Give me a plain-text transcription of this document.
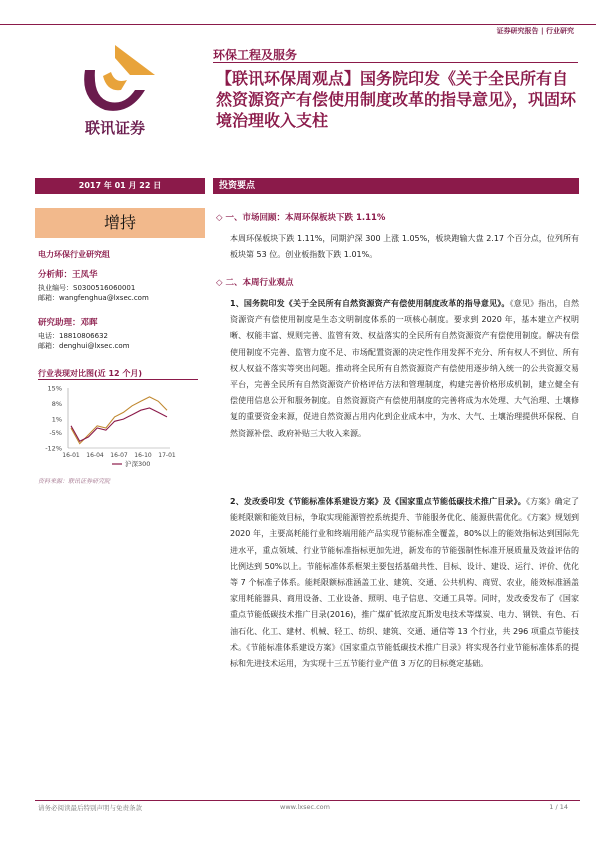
证券研究报告 | 行业研究
联讯证券
环保工程及服务
【联讯环保周观点】国务院印发《关于全民所有自然资源资产有偿使用制度改革的指导意见》，巩固环境治理收入支柱
2017 年 01 月 22 日	投资要点
增持
电力环保行业研究组
分析师：王凤华
执业编号：S0300516060001
邮箱：wangfenghua@lxsec.com
研究助理：邓晖
电话：18810806632
邮箱：denghui@lxsec.com
行业表现对比图(近 12 个月)
15%
8%
1%
-5%
-12%
16-01 16-04 16-07 16-10 17-01
沪深300
资料来源：联讯证券研究院
◇ 一、市场回顾：本周环保板块下跌 1.11%
本周环保板块下跌 1.11%，同期沪深 300 上涨 1.05%，板块跑输大盘 2.17 个百分点，位列所有板块第 53 位。创业板指数下跌 1.01%。
◇ 二、本周行业观点
1、国务院印发《关于全民所有自然资源资产有偿使用制度改革的指导意见》。《意见》指出，自然资源资产有偿使用制度是生态文明制度体系的一项核心制度。要求到 2020 年，基本建立产权明晰、权能丰富、规则完善、监管有效、权益落实的全民所有自然资源资产有偿使用制度。解决有偿使用制度不完善、监管力度不足、市场配置资源的决定性作用发挥不充分、所有权人不到位、所有权人权益不落实等突出问题。推动将全民所有自然资源资产有偿使用逐步纳入统一的公共资源交易平台，完善全民所有自然资源资产价格评估方法和管理制度，构建完善价格形成机制，建立健全有偿使用信息公开和服务制度。自然资源资产有偿使用制度的完善将成为水处理、大气治理、土壤修复的重要资金来源，促进自然资源占用内化到企业成本中，为水、大气、土壤治理提供环保税、自然资源补偿、政府补贴三大收入来源。
2、发改委印发《节能标准体系建设方案》及《国家重点节能低碳技术推广目录》。《方案》确定了能耗限额和能效目标，争取实现能源管控系统提升、节能服务优化、能源供需优化。《方案》规划到 2020 年，主要高耗能行业和终端用能产品实现节能标准全覆盖，80%以上的能效指标达到国际先进水平，重点领域、行业节能标准指标更加先进，新发布的节能强制性标准开展质量及效益评估的比例达到 50%以上。节能标准体系框架主要包括基础共性、目标、设计、建设、运行、评价、优化等 7 个标准子体系。能耗限额标准涵盖工业、建筑、交通、公共机构、商贸、农业，能效标准涵盖家用耗能器具、商用设备、工业设备、照明、电子信息、交通工具等。同时，发改委发布了《国家重点节能低碳技术推广目录(2016)，推广煤矿低浓度瓦斯发电技术等煤炭、电力、钢铁、有色、石油石化、化工、建材、机械、轻工、纺织、建筑、交通、通信等 13 个行业，共 296 项重点节能技术。《节能标准体系建设方案》《国家重点节能低碳技术推广目录》将实现各行业节能标准体系的提标和先进技术运用，为实现十三五节能行业产值 3 万亿的目标奠定基础。
请务必阅读最后特别声明与免责条款	www.lxsec.com	1 / 14
